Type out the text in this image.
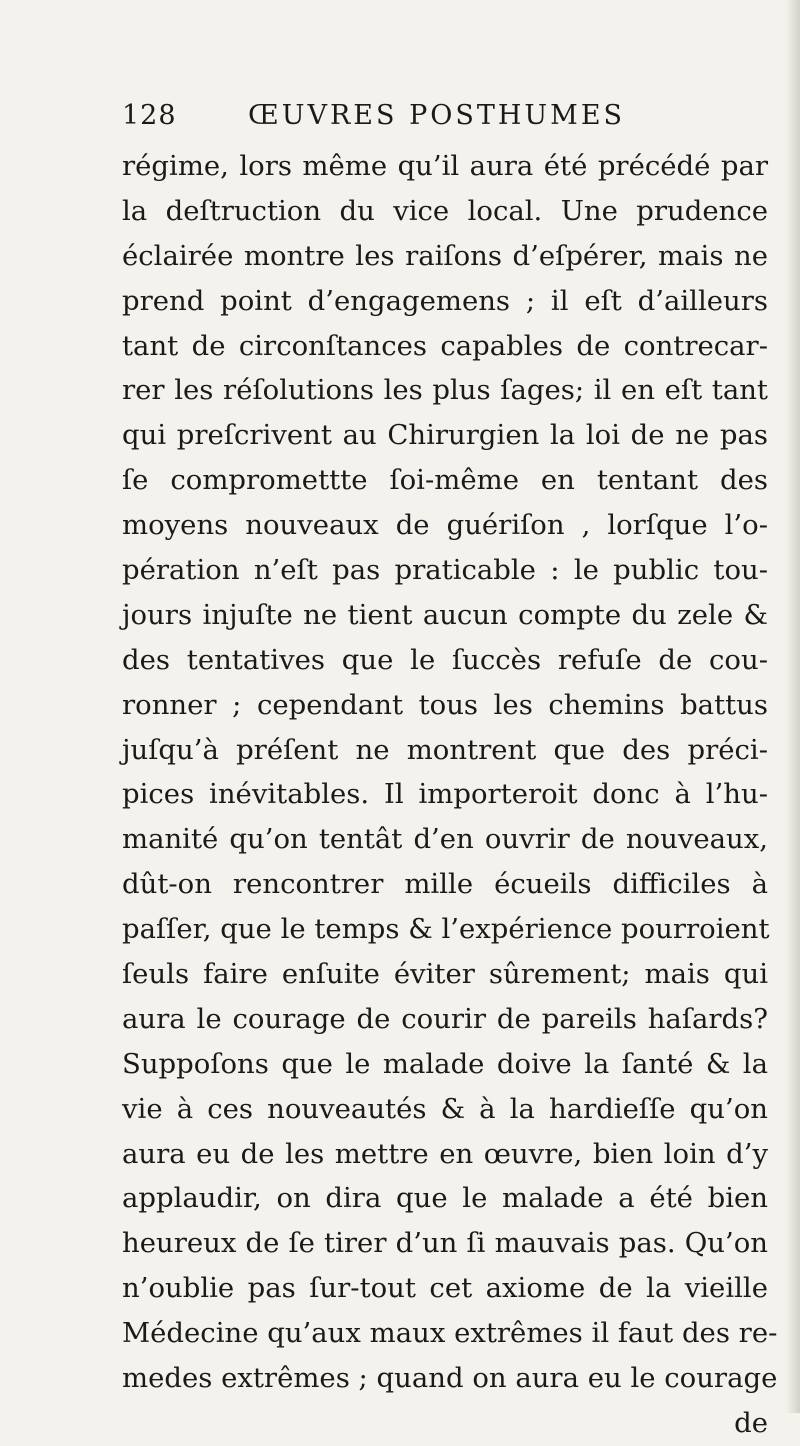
128	ŒUVRES POSTHUMES
régime, lors même qu’il aura été précédé par
la deſtruction du vice local. Une prudence
éclairée montre les raiſons d’eſpérer, mais ne
prend point d’engagemens ; il eſt d’ailleurs
tant de circonſtances capables de contrecar-
rer les réſolutions les plus ſages; il en eſt tant
qui preſcrivent au Chirurgien la loi de ne pas
ſe compromettte ſoi-même en tentant des
moyens nouveaux de guériſon , lorſque l’o-
pération n’eſt pas praticable : le public tou-
jours injuſte ne tient aucun compte du zele &
des tentatives que le ſuccès refuſe de cou-
ronner ; cependant tous les chemins battus
juſqu’à préſent ne montrent que des préci-
pices inévitables. Il importeroit donc à l’hu-
manité qu’on tentât d’en ouvrir de nouveaux,
dût-on rencontrer mille écueils difficiles à
paſſer, que le temps & l’expérience pourroient
ſeuls faire enſuite éviter sûrement; mais qui
aura le courage de courir de pareils haſards?
Suppoſons que le malade doive la ſanté & la
vie à ces nouveautés & à la hardieſſe qu’on
aura eu de les mettre en œuvre, bien loin d’y
applaudir, on dira que le malade a été bien
heureux de ſe tirer d’un ſi mauvais pas. Qu’on
n’oublie pas ſur-tout cet axiome de la vieille
Médecine qu’aux maux extrêmes il faut des re-
medes extrêmes ; quand on aura eu le courage
de
